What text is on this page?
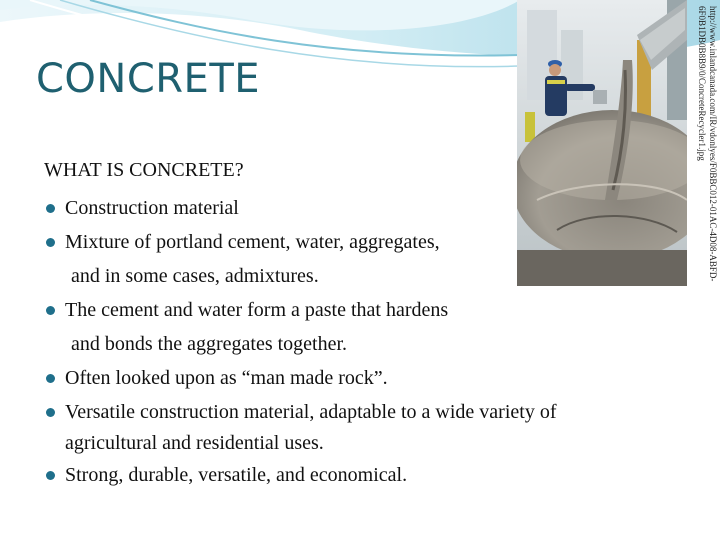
CONCRETE	http://www.inlandcanada.com/IR/vdonlyes/F0BBC012-01AC-4D08-ABFD-6F0B1DB0B8B9/0/ConcreteRecycler1.jpg
WHAT IS CONCRETE?
Construction material
Mixture of portland cement, water, aggregates,
and in some cases, admixtures.
The cement and water form a paste that hardens
and bonds the aggregates together.
Often looked upon as “man made rock”.
Versatile construction material, adaptable to a wide variety of
agricultural and residential uses.
Strong, durable, versatile, and economical.
